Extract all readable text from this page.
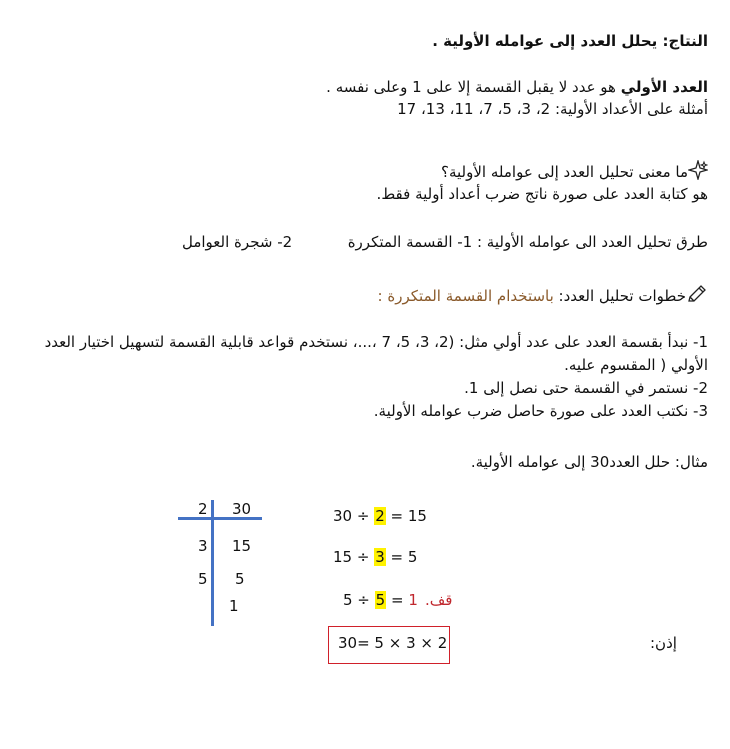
النتاج: يحلل العدد إلى عوامله الأولية .
العدد الأولي هو عدد لا يقبل القسمة إلا على 1 وعلى نفسه .
أمثلة على الأعداد الأولية: 2، 3، 5، 7، 11، 13، 17
ما معنى تحليل العدد إلى عوامله الأولية؟
هو كتابة العدد على صورة ناتج ضرب أعداد أولية فقط.
طرق تحليل العدد الى عوامله الأولية : 1- القسمة المتكررة
2- شجرة العوامل
خطوات تحليل العدد: باستخدام القسمة المتكررة :
1- نبدأ بقسمة العدد على عدد أولي مثل: (2، 3، 5، 7 ،...، نستخدم قواعد قابلية القسمة لتسهيل اختيار العدد
الأولي ( المقسوم عليه.
2- نستمر في القسمة حتى نصل إلى 1.
3- نكتب العدد على صورة حاصل ضرب عوامله الأولية.
مثال: حلل العدد30 إلى عوامله الأولية.
2
3
5
30
15
5
1
30 ÷ 2 = 15
15 ÷ 3 = 5
5 ÷ 5 = 1 قف.
30= 5 × 3 × 2	إذن:
